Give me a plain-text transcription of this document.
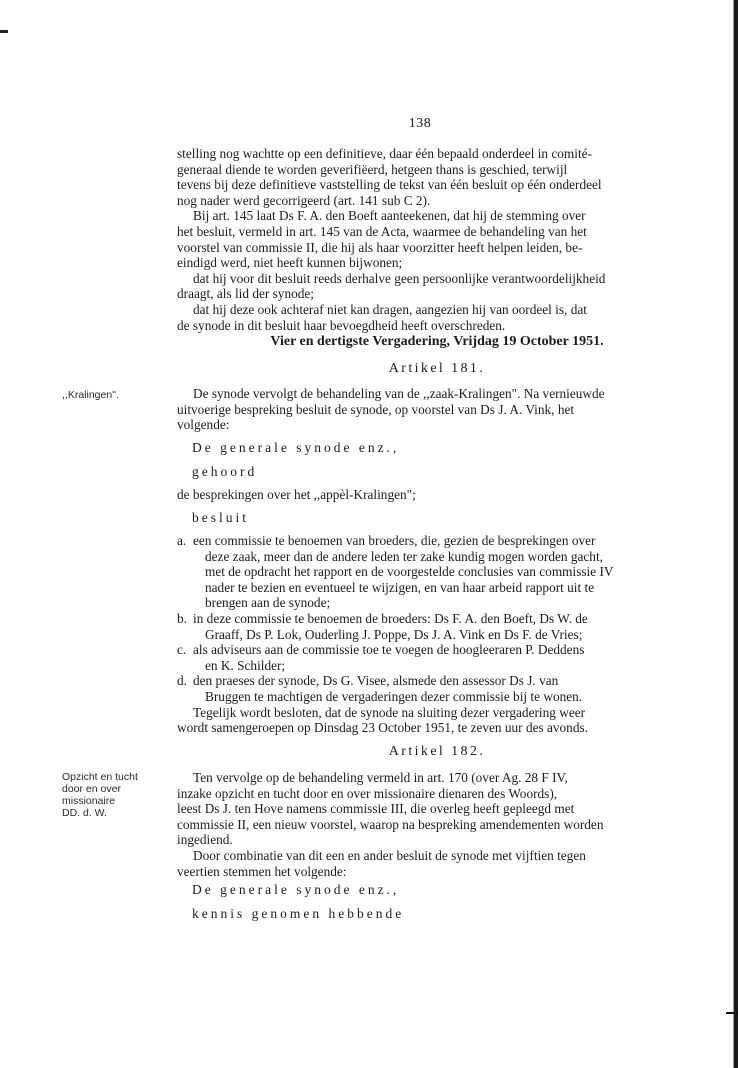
138

stelling nog wachtte op een definitieve, daar één bepaald onderdeel in comité-

generaal diende te worden geverifiëerd, hetgeen thans is geschied, terwijl

tevens bij deze definitieve vaststelling de tekst van één besluit op één onderdeel

nog nader werd gecorrigeerd (art. 141 sub C 2).

Bij art. 145 laat Ds F. A. den Boeft aanteekenen, dat hij de stemming over

het besluit, vermeld in art. 145 van de Acta, waarmee de behandeling van het

voorstel van commissie II, die hij als haar voorzitter heeft helpen leiden, be-

eindigd werd, niet heeft kunnen bijwonen;

dat hij voor dit besluit reeds derhalve geen persoonlijke verantwoordelijkheid

draagt, als lid der synode;

dat hij deze ook achteraf niet kan dragen, aangezien hij van oordeel is, dat

de synode in dit besluit haar bevoegdheid heeft overschreden.

Vier en dertigste Vergadering, Vrijdag 19 October 1951.
Artikel 181.
,,Kralingen".	De synode vervolgt de behandeling van de ,,zaak-Kralingen". Na vernieuwde

uitvoerige bespreking besluit de synode, op voorstel van Ds J. A. Vink, het

volgende:

De generale synode enz.,
gehoord
de besprekingen over het ,,appèl-Kralingen";
besluit
a. een commissie te benoemen van broeders, die, gezien de besprekingen over

deze zaak, meer dan de andere leden ter zake kundig mogen worden gacht,

met de opdracht het rapport en de voorgestelde conclusies van commissie IV

nader te bezien en eventueel te wijzigen, en van haar arbeid rapport uit te

brengen aan de synode;

b. in deze commissie te benoemen de broeders: Ds F. A. den Boeft, Ds W. de

Graaff, Ds P. Lok, Ouderling J. Poppe, Ds J. A. Vink en Ds F. de Vries;

c. als adviseurs aan de commissie toe te voegen de hoogleeraren P. Deddens

en K. Schilder;

d. den praeses der synode, Ds G. Visee, alsmede den assessor Ds J. van

Bruggen te machtigen de vergaderingen dezer commissie bij te wonen.

Tegelijk wordt besloten, dat de synode na sluiting dezer vergadering weer

wordt samengeroepen op Dinsdag 23 October 1951, te zeven uur des avonds.

Artikel 182.
Opzicht en tucht
door en over
missionaire
DD. d. W.

Ten vervolge op de behandeling vermeld in art. 170 (over Ag. 28 F IV,

inzake opzicht en tucht door en over missionaire dienaren des Woords),

leest Ds J. ten Hove namens commissie III, die overleg heeft gepleegd met

commissie II, een nieuw voorstel, waarop na bespreking amendementen worden

ingediend.

Door combinatie van dit een en ander besluit de synode met vijftien tegen

veertien stemmen het volgende:

De generale synode enz.,
kennis genomen hebbende
